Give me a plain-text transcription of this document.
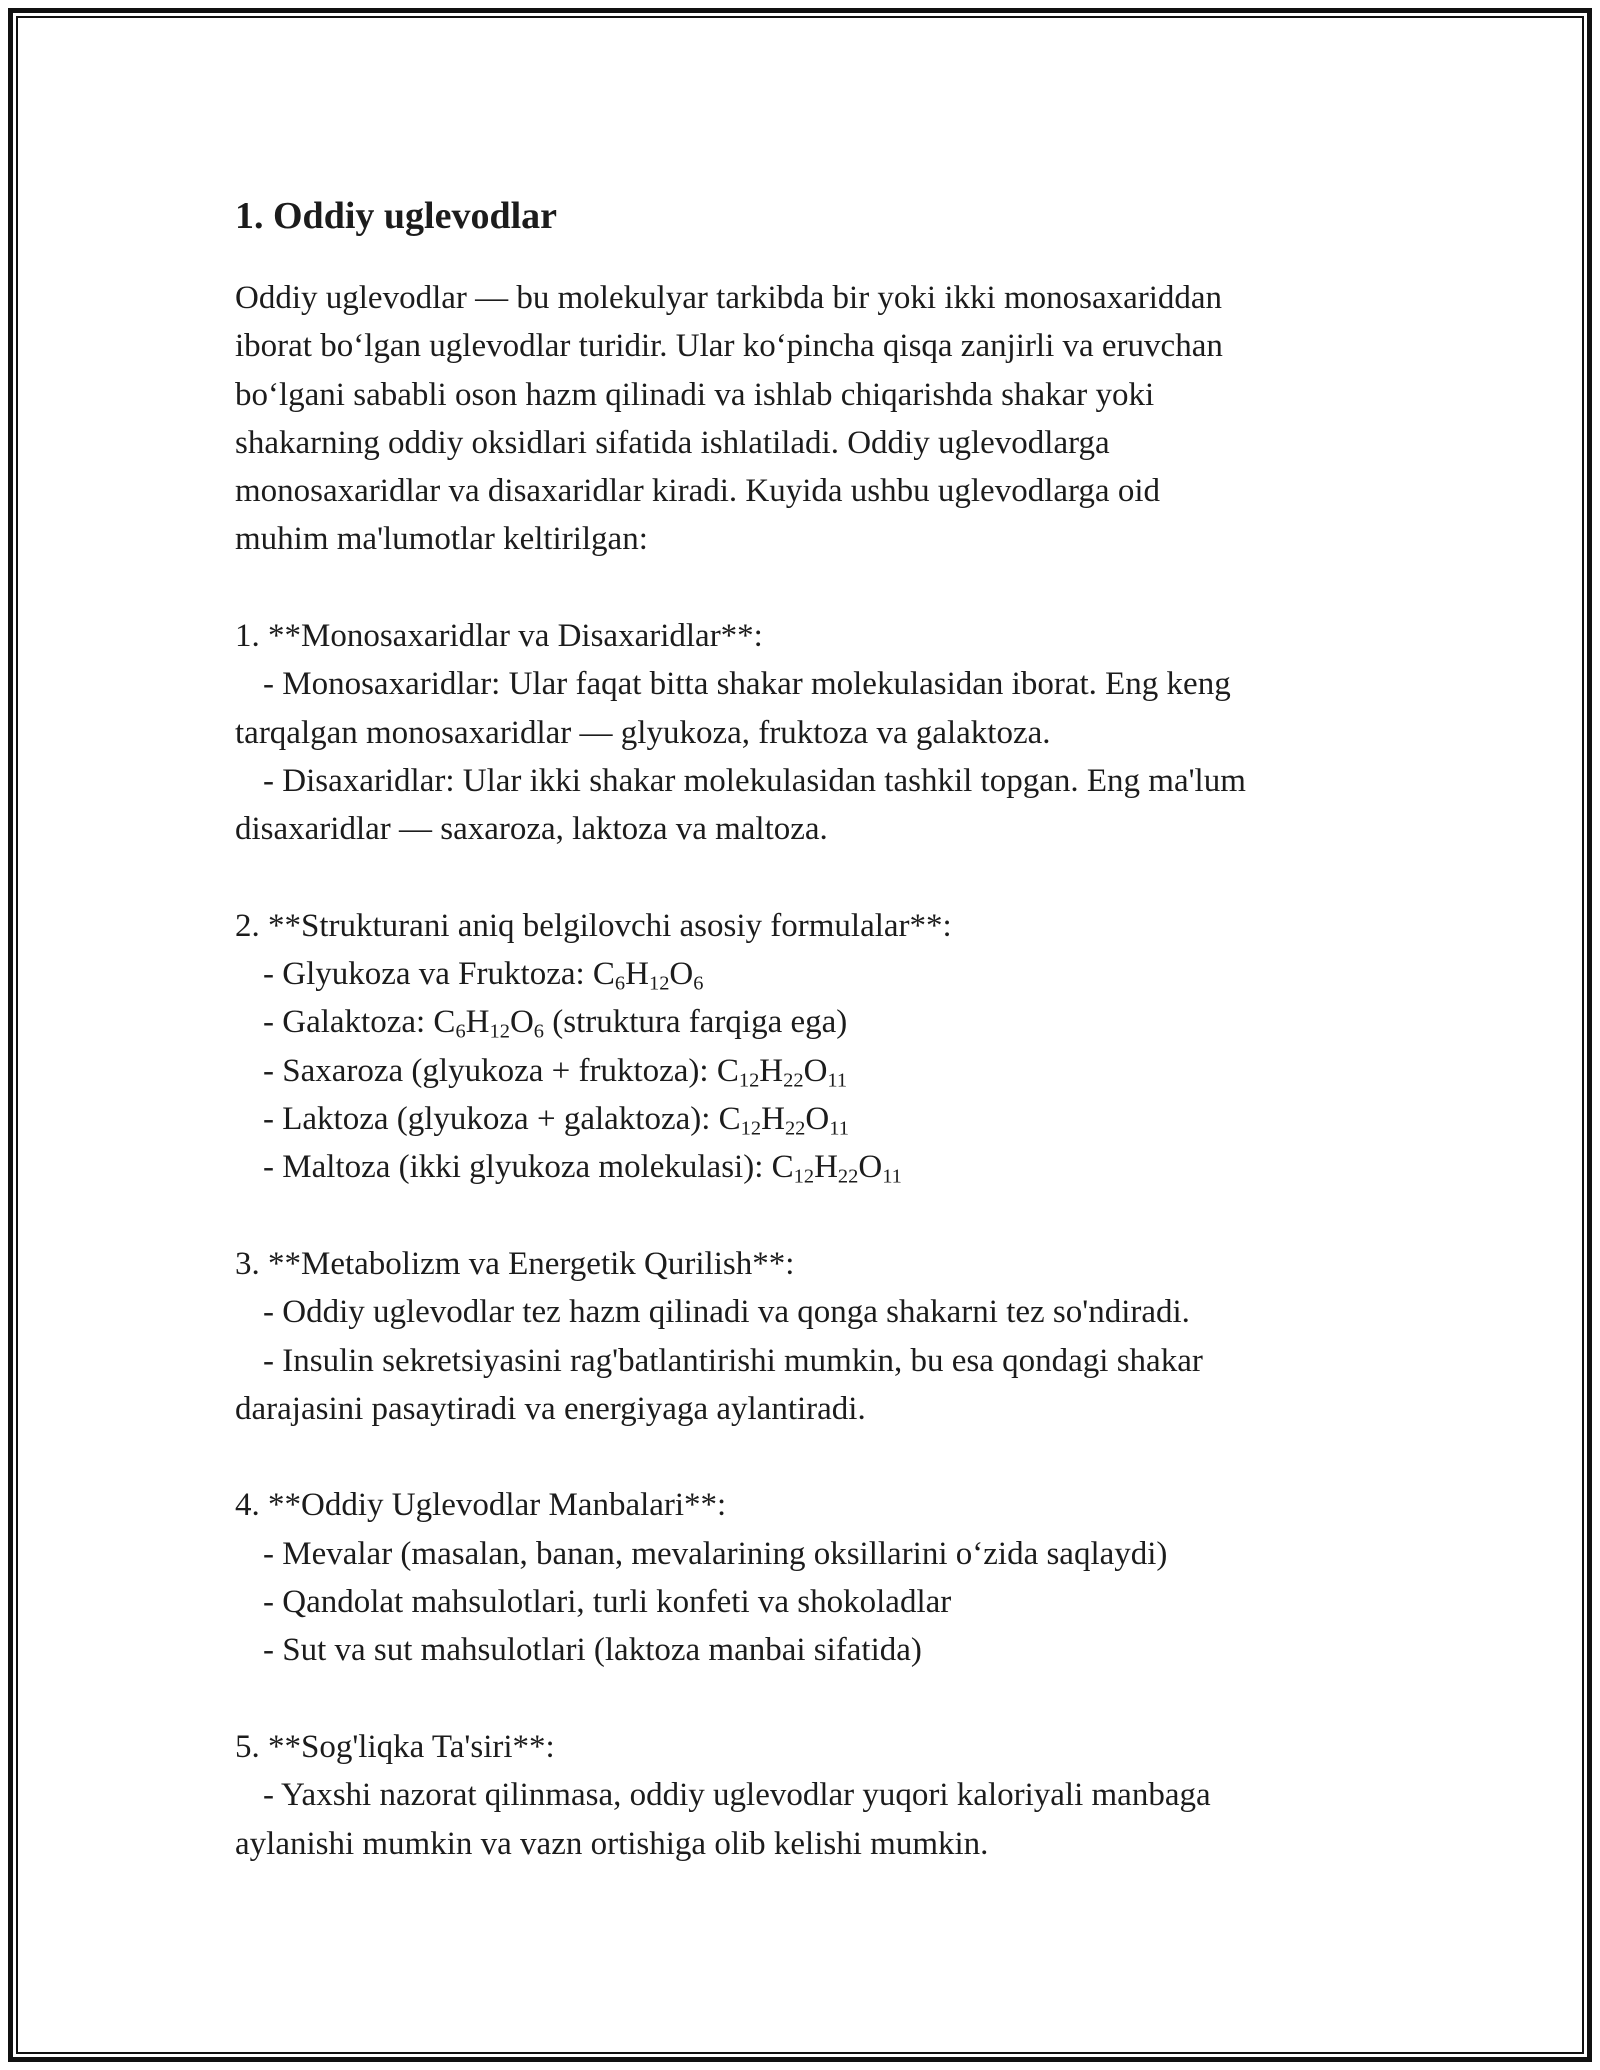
1. Oddiy uglevodlar
Oddiy uglevodlar — bu molekulyar tarkibda bir yoki ikki monosaxariddan
iborat bo‘lgan uglevodlar turidir. Ular ko‘pincha qisqa zanjirli va eruvchan
bo‘lgani sababli oson hazm qilinadi va ishlab chiqarishda shakar yoki
shakarning oddiy oksidlari sifatida ishlatiladi. Oddiy uglevodlarga
monosaxaridlar va disaxaridlar kiradi. Kuyida ushbu uglevodlarga oid
muhim ma'lumotlar keltirilgan:
1. **Monosaxaridlar va Disaxaridlar**:
- Monosaxaridlar: Ular faqat bitta shakar molekulasidan iborat. Eng keng
tarqalgan monosaxaridlar — glyukoza, fruktoza va galaktoza.
- Disaxaridlar: Ular ikki shakar molekulasidan tashkil topgan. Eng ma'lum
disaxaridlar — saxaroza, laktoza va maltoza.
2. **Strukturani aniq belgilovchi asosiy formulalar**:
- Glyukoza va Fruktoza: $C_6H_{12}O_6$
- Galaktoza: $C_6H_{12}O_6$ (struktura farqiga ega)
- Saxaroza (glyukoza + fruktoza): $C_{12}H_{22}O_{11}$
- Laktoza (glyukoza + galaktoza): $C_{12}H_{22}O_{11}$
- Maltoza (ikki glyukoza molekulasi): $C_{12}H_{22}O_{11}$
3. **Metabolizm va Energetik Qurilish**:
- Oddiy uglevodlar tez hazm qilinadi va qonga shakarni tez so'ndiradi.
- Insulin sekretsiyasini rag'batlantirishi mumkin, bu esa qondagi shakar
darajasini pasaytiradi va energiyaga aylantiradi.
4. **Oddiy Uglevodlar Manbalari**:
- Mevalar (masalan, banan, mevalarining oksillarini o‘zida saqlaydi)
- Qandolat mahsulotlari, turli konfeti va shokoladlar
- Sut va sut mahsulotlari (laktoza manbai sifatida)
5. **Sog'liqka Ta'siri**:
- Yaxshi nazorat qilinmasa, oddiy uglevodlar yuqori kaloriyali manbaga
aylanishi mumkin va vazn ortishiga olib kelishi mumkin.
